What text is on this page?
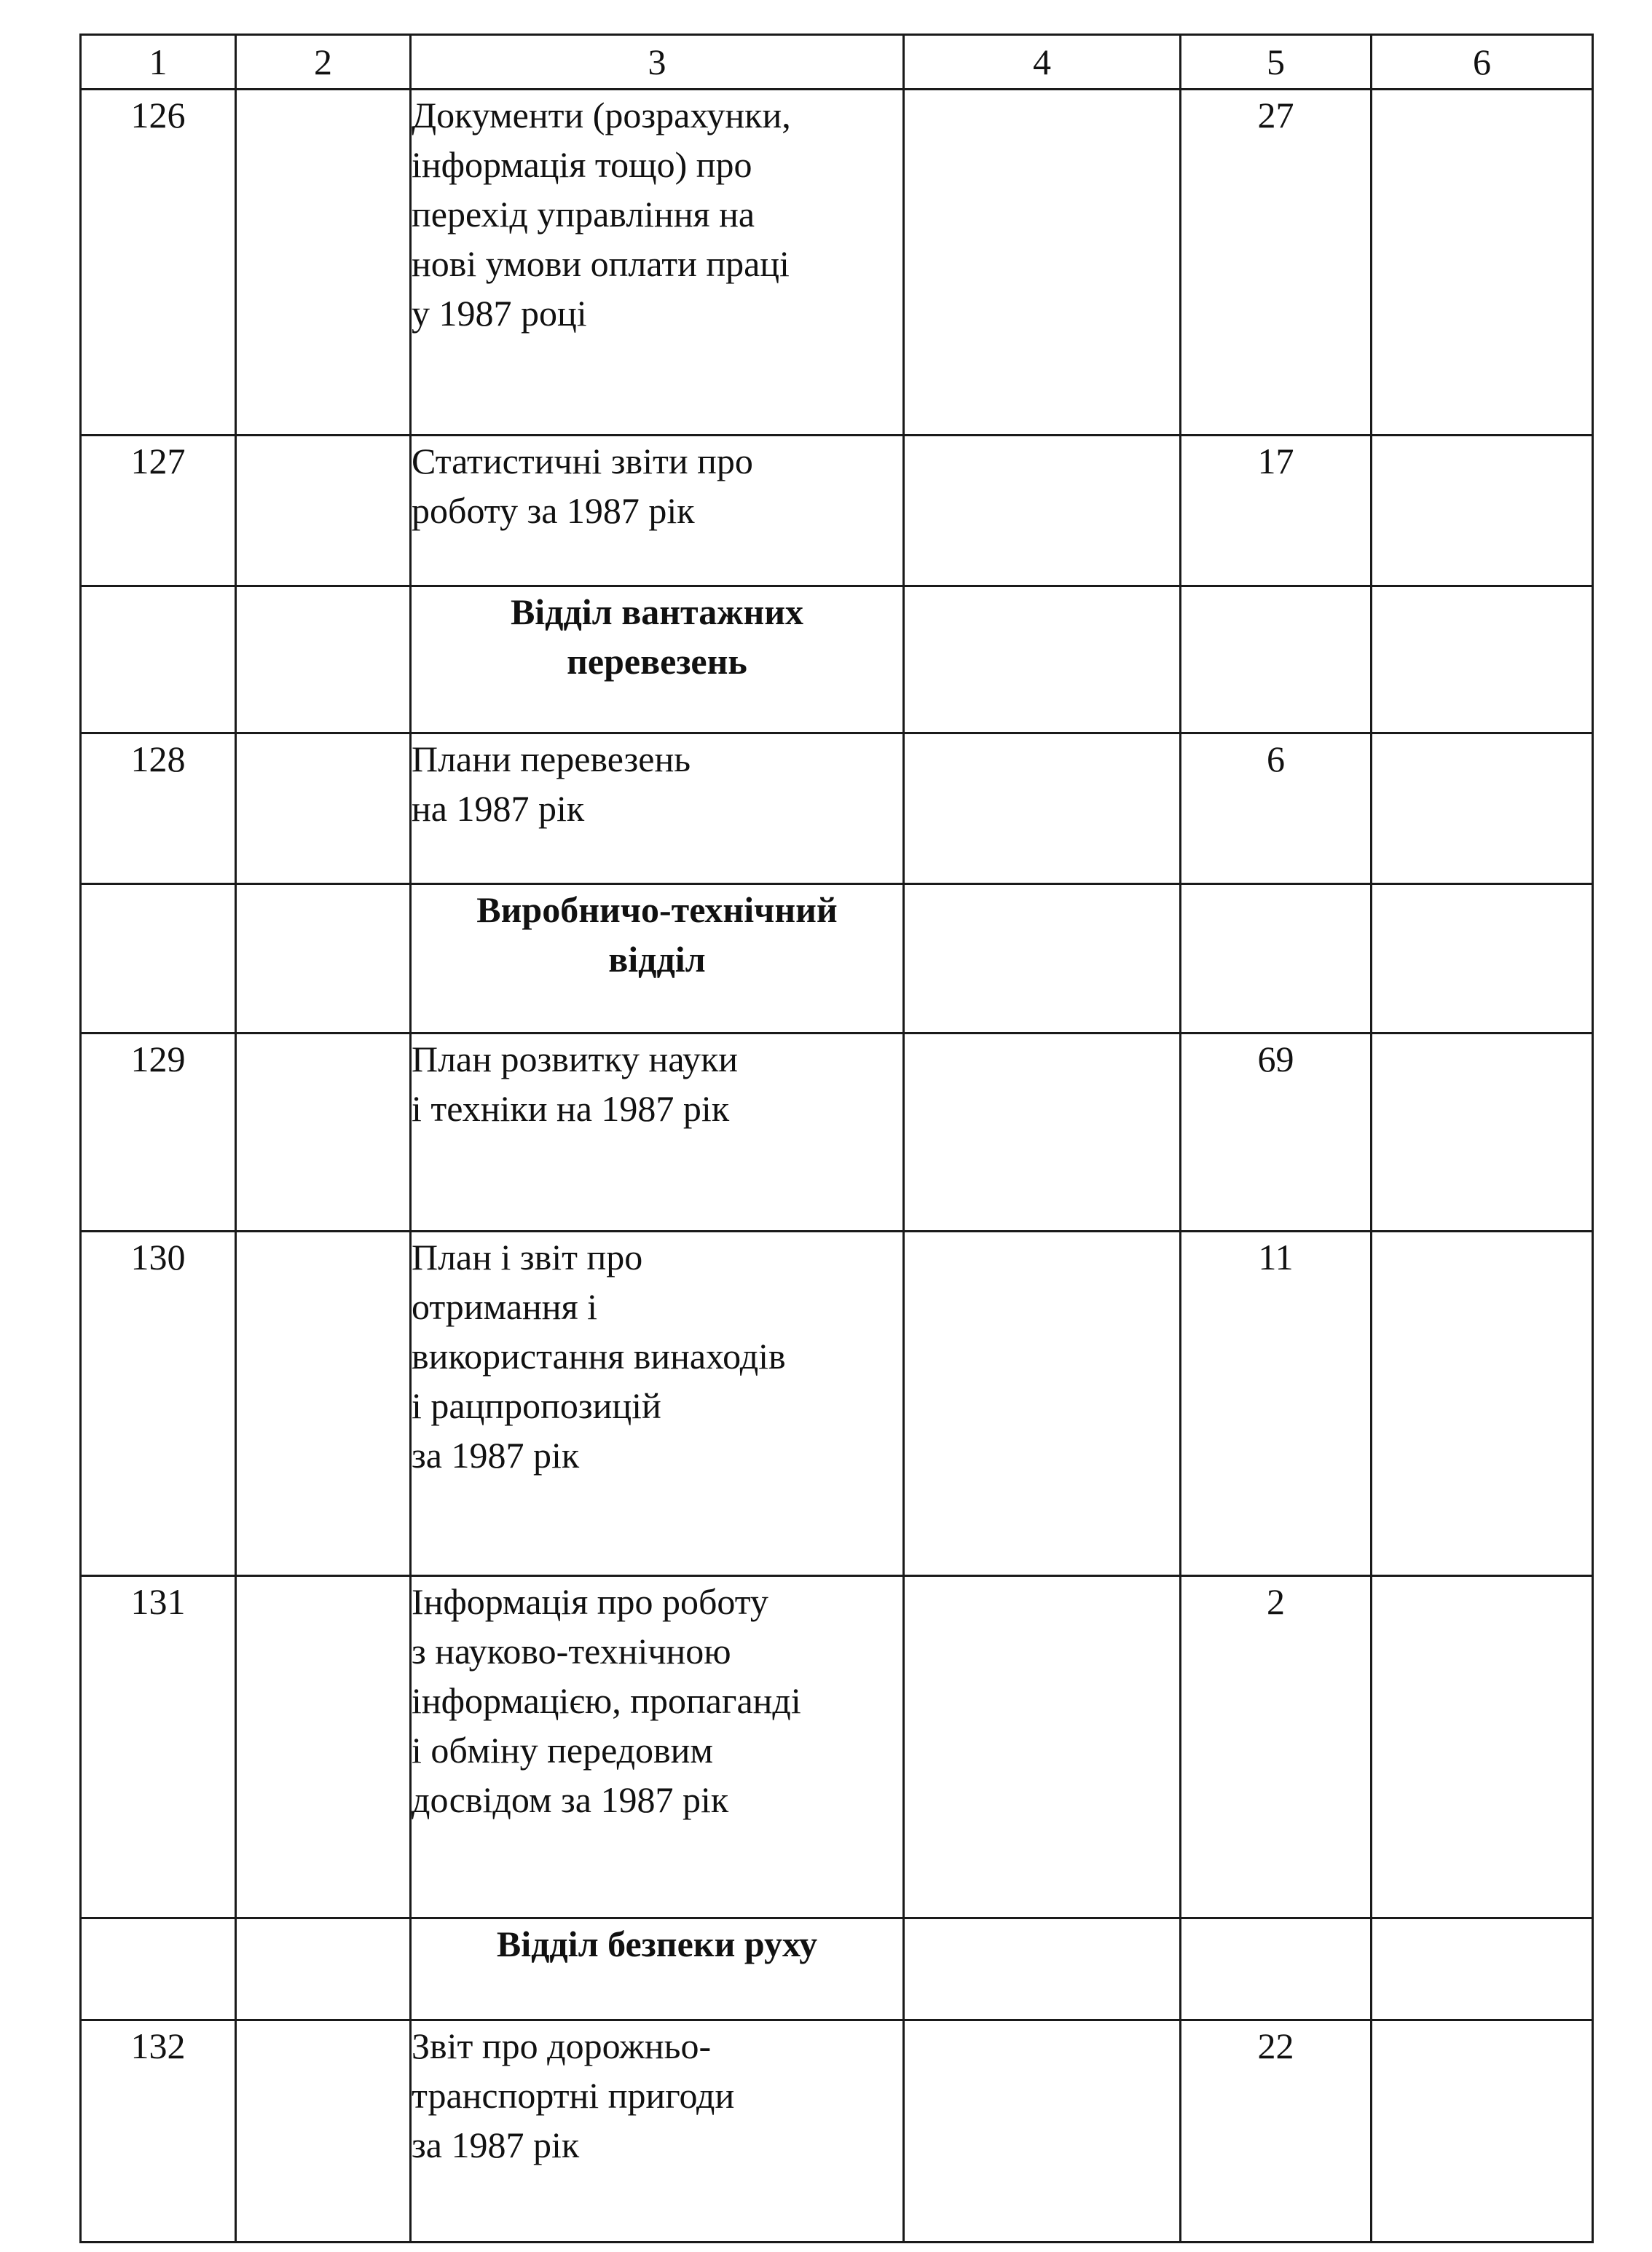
1	2	3	4	5	6
126		Документи (розрахунки,
інформація тощо) про
перехід управління на
нові умови оплати праці
у 1987 році		27	
127		Статистичні звіти про
роботу за 1987 рік		17	
		Відділ вантажних
перевезень			
128		Плани перевезень
на 1987 рік		6	
		Виробничо-технічний
відділ			
129		План розвитку науки
і техніки на 1987 рік		69	
130		План і звіт про
отримання і
використання винаходів
і рацпропозицій
за 1987 рік		11	
131		Інформація про роботу
з науково-технічною
інформацією, пропаганді
і обміну передовим
досвідом за 1987 рік		2	
		Відділ безпеки руху			
132		Звіт про дорожньо-
транспортні пригоди
за 1987 рік		22	
